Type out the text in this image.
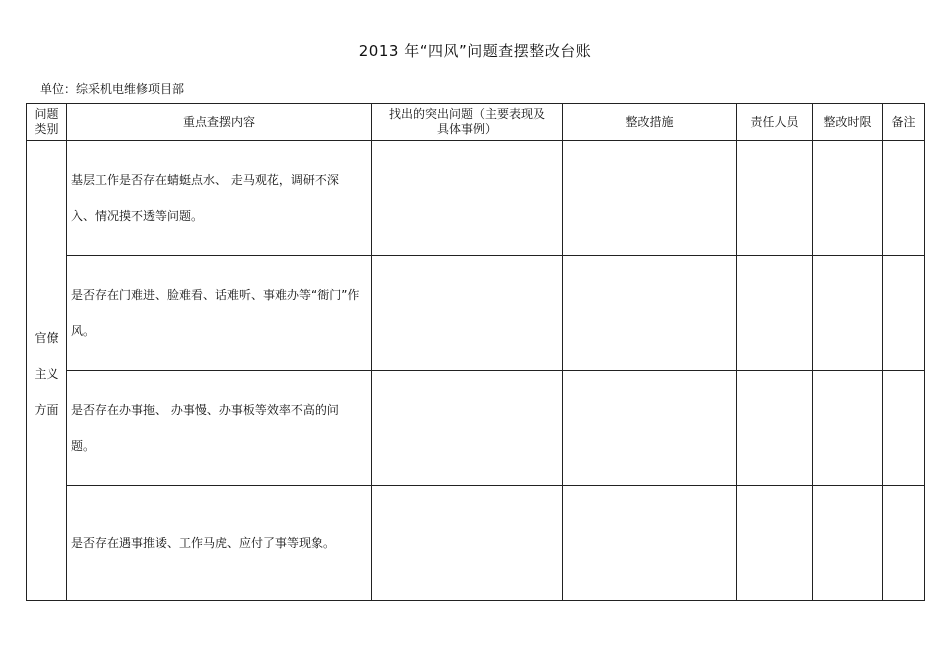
2013 年“四风”问题查摆整改台账
单位：综采机电维修项目部
问题
类别	重点查摆内容	找出的突出问题（主要表现及
具体事例）	整改措施	责任人员	整改时限	备注

官僚
主义
方面	基层工作是否存在蜻蜓点水、 走马观花，调研不深入、情况摸不透等问题。					
	是否存在门难进、脸难看、话难听、事难办等“衙门”作风。					
	是否存在办事拖、 办事慢、办事板等效率不高的问题。					
	是否存在遇事推诿、工作马虎、应付了事等现象。					
